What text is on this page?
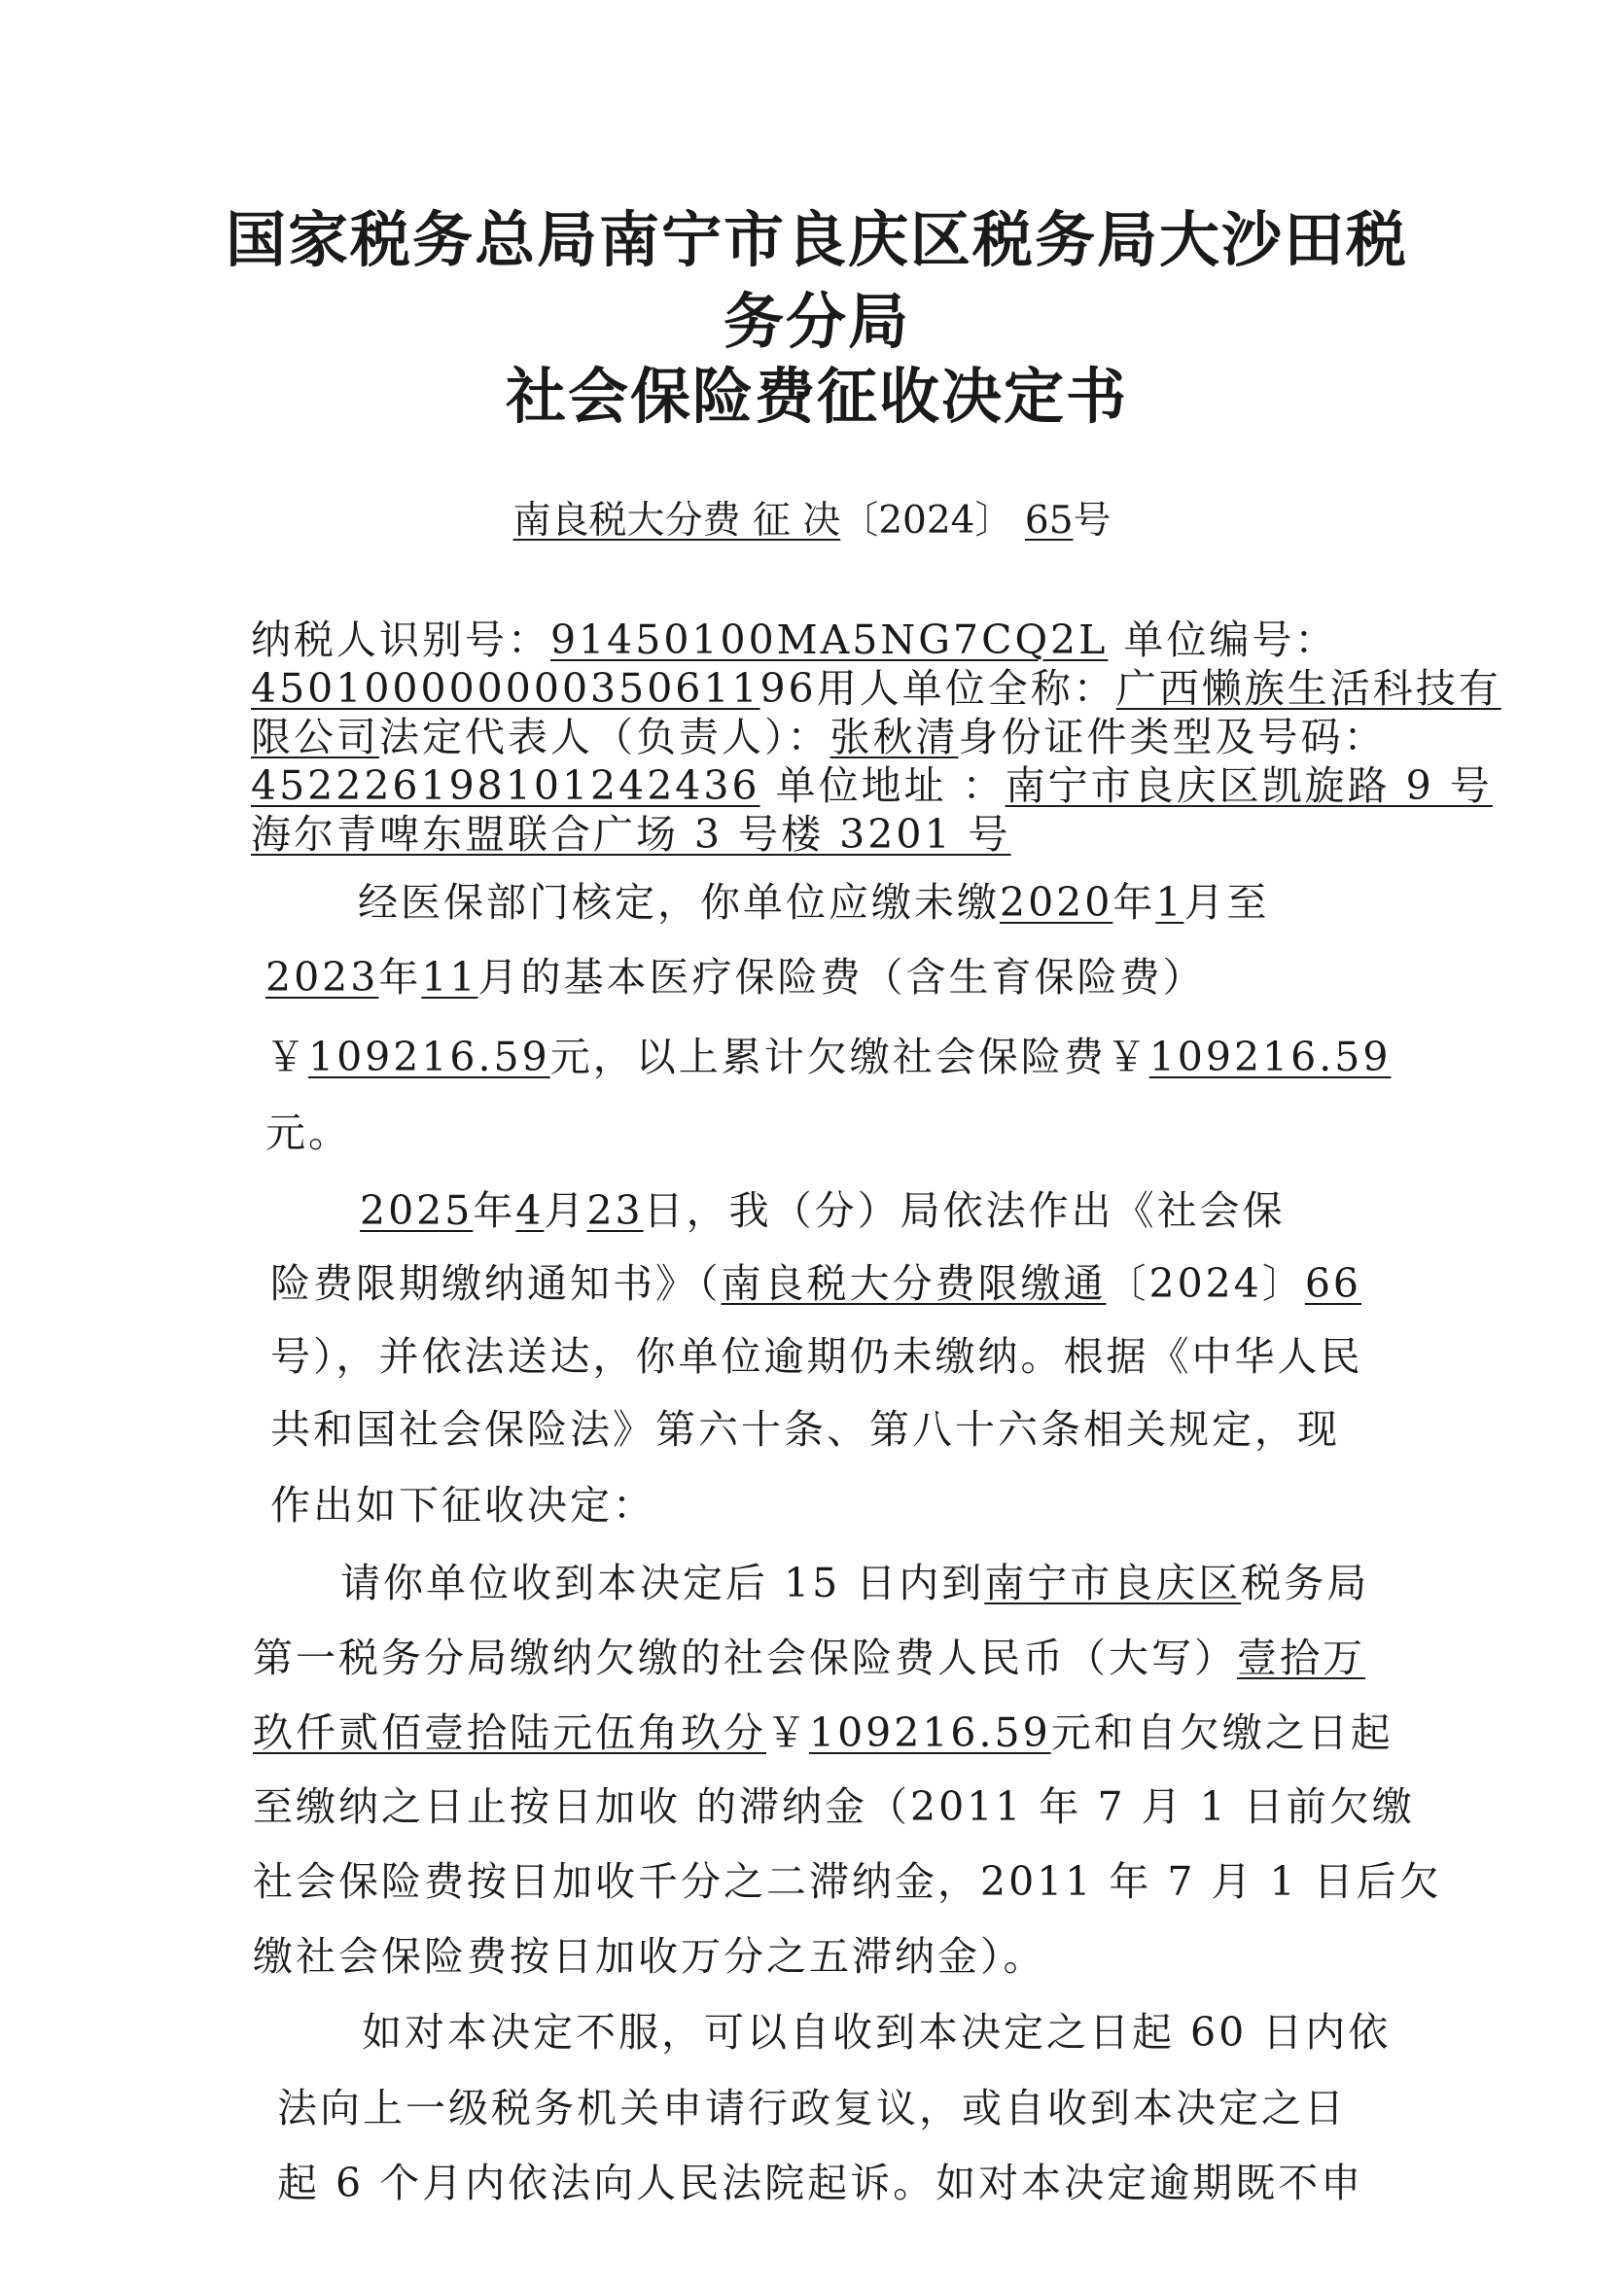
国家税务总局南宁市良庆区税务局大沙田税
务分局
社会保险费征收决定书
南良税大分费 征 决〔2024〕 65号
纳税人识别号：91450100MA5NG7CQ2L 单位编号：
45010000000035061196用人单位全称：广西懒族生活科技有
限公司法定代表人（负责人）：张秋清身份证件类型及号码：
452226198101242436 单位地址 ：南宁市良庆区凯旋路 9 号
海尔青啤东盟联合广场 3 号楼 3201 号
经医保部门核定，你单位应缴未缴2020年1月至
2023年11月的基本医疗保险费（含生育保险费）
￥109216.59元，以上累计欠缴社会保险费￥109216.59
元。
2025年4月23日，我（分）局依法作出《社会保
险费限期缴纳通知书》（南良税大分费限缴通〔2024〕66
号），并依法送达，你单位逾期仍未缴纳。根据《中华人民
共和国社会保险法》第六十条、第八十六条相关规定，现
作出如下征收决定：
请你单位收到本决定后 15 日内到南宁市良庆区税务局
第一税务分局缴纳欠缴的社会保险费人民币（大写）壹拾万
玖仟贰佰壹拾陆元伍角玖分￥109216.59元和自欠缴之日起
至缴纳之日止按日加收 的滞纳金（2011 年 7 月 1 日前欠缴
社会保险费按日加收千分之二滞纳金，2011 年 7 月 1 日后欠
缴社会保险费按日加收万分之五滞纳金）。
如对本决定不服，可以自收到本决定之日起 60 日内依
法向上一级税务机关申请行政复议，或自收到本决定之日
起 6 个月内依法向人民法院起诉。如对本决定逾期既不申
